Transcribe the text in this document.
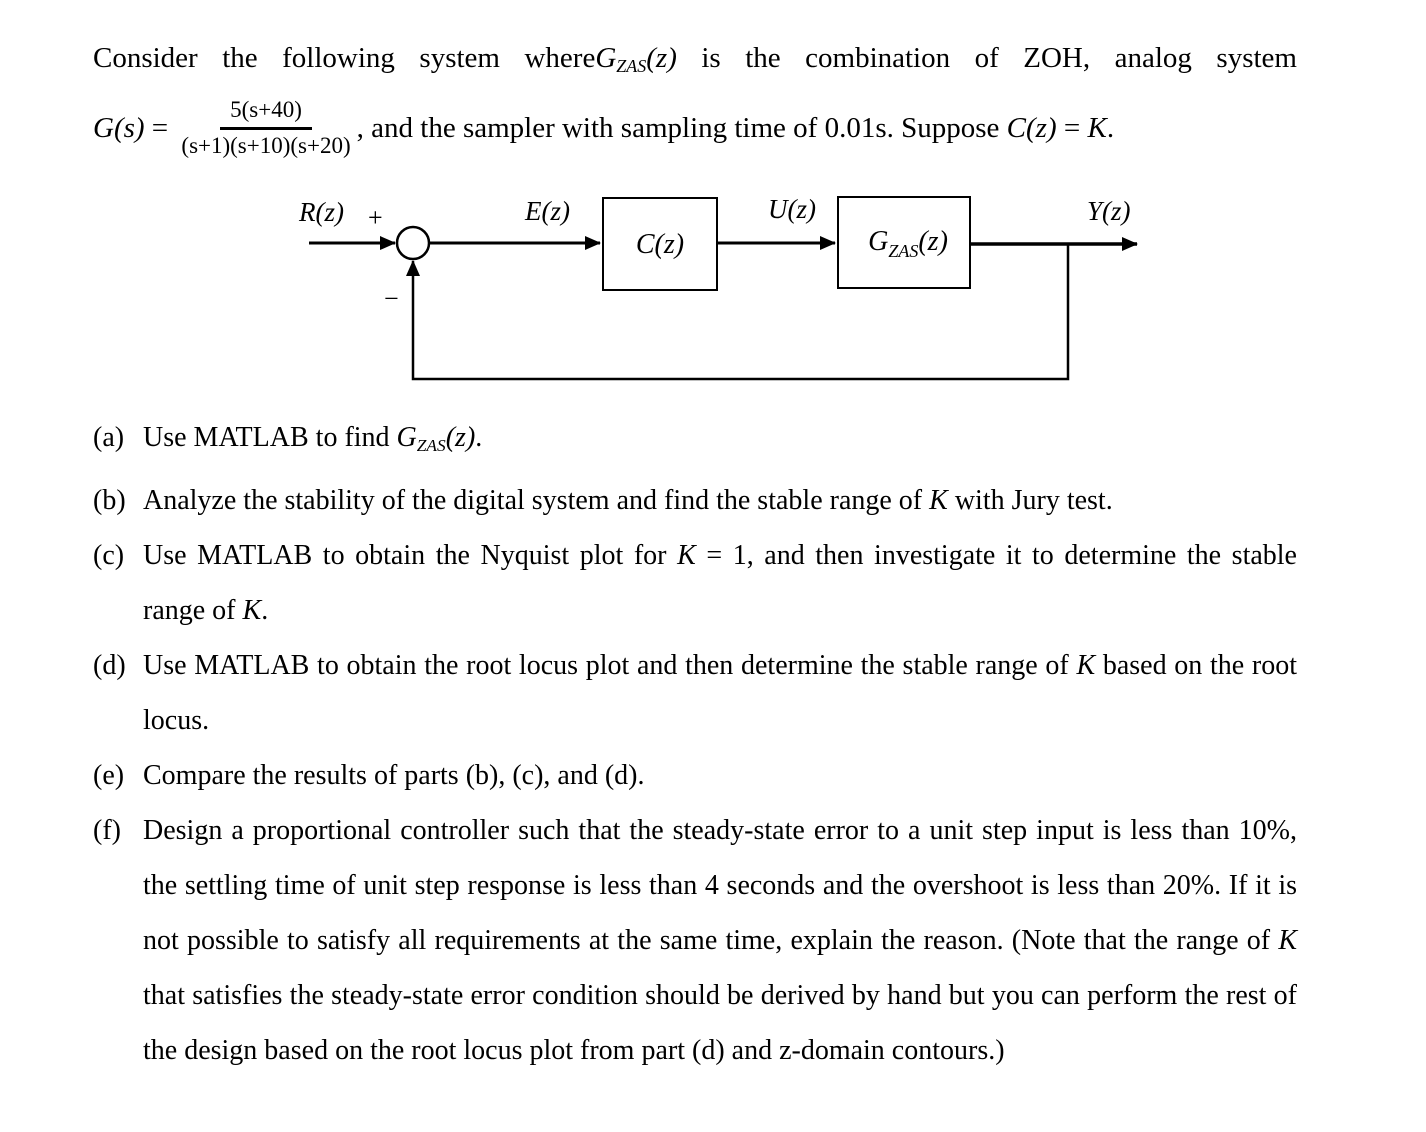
Consider the following system whereGZAS(z) is the combination of ZOH, analog system
$G(s) = \frac{5(s+40)}{(s+1)(s+10)(s+20)}$ , and the sampler with sampling time of 0.01s. Suppose C(z) = K.
R(z) +
−
E(z)
C(z)
U(z)
$G_{ZAS}(z)$
Y(z)
(a) Use MATLAB to find GZAS(z).
(b) Analyze the stability of the digital system and find the stable range of K with Jury test.
(c) Use MATLAB to obtain the Nyquist plot for K = 1, and then investigate it to determine the stable range of K.
(d) Use MATLAB to obtain the root locus plot and then determine the stable range of K based on the root locus.
(e) Compare the results of parts (b), (c), and (d).
(f) Design a proportional controller such that the steady-state error to a unit step input is less than 10%, the settling time of unit step response is less than 4 seconds and the overshoot is less than 20%. If it is not possible to satisfy all requirements at the same time, explain the reason. (Note that the range of K that satisfies the steady-state error condition should be derived by hand but you can perform the rest of the design based on the root locus plot from part (d) and z-domain contours.)
